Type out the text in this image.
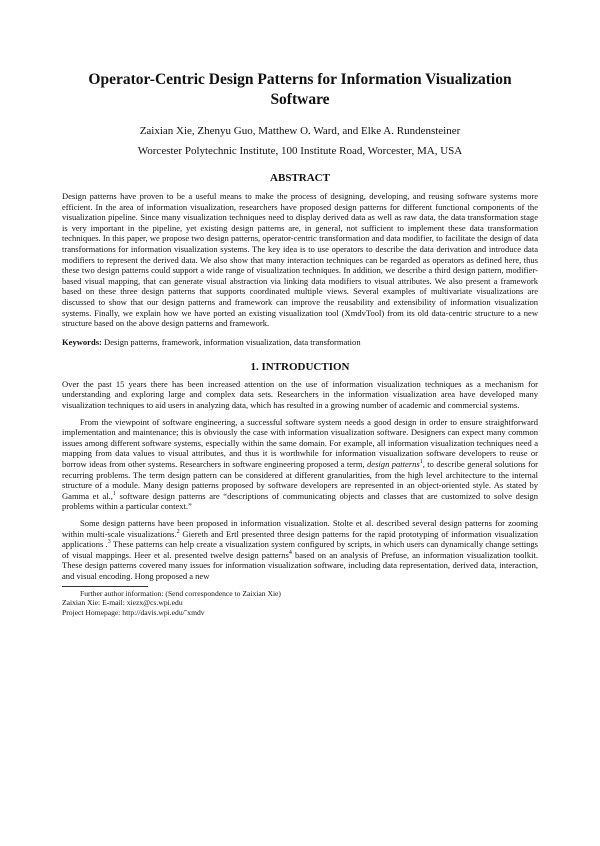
Operator-Centric Design Patterns for Information Visualization Software
Zaixian Xie, Zhenyu Guo, Matthew O. Ward, and Elke A. Rundensteiner
Worcester Polytechnic Institute, 100 Institute Road, Worcester, MA, USA
ABSTRACT

Design patterns have proven to be a useful means to make the process of designing, developing, and reusing software systems more efficient. In the area of information visualization, researchers have proposed design patterns for different functional components of the visualization pipeline. Since many visualization techniques need to display derived data as well as raw data, the data transformation stage is very important in the pipeline, yet existing design patterns are, in general, not sufficient to implement these data transformation techniques. In this paper, we propose two design patterns, operator-centric transformation and data modifier, to facilitate the design of data transformations for information visualization systems. The key idea is to use operators to describe the data derivation and introduce data modifiers to represent the derived data. We also show that many interaction techniques can be regarded as operators as defined here, thus these two design patterns could support a wide range of visualization techniques. In addition, we describe a third design pattern, modifier-based visual mapping, that can generate visual abstraction via linking data modifiers to visual attributes. We also present a framework based on these three design patterns that supports coordinated multiple views. Several examples of multivariate visualizations are discussed to show that our design patterns and framework can improve the reusability and extensibility of information visualization systems. Finally, we explain how we have ported an existing visualization tool (XmdvTool) from its old data-centric structure to a new structure based on the above design patterns and framework.

Keywords: Design patterns, framework, information visualization, data transformation
1. INTRODUCTION

Over the past 15 years there has been increased attention on the use of information visualization techniques as a mechanism for understanding and exploring large and complex data sets. Researchers in the information visualization area have developed many visualization techniques to aid users in analyzing data, which has resulted in a growing number of academic and commercial systems.

From the viewpoint of software engineering, a successful software system needs a good design in order to ensure straightforward implementation and maintenance; this is obviously the case with information visualization software. Designers can expect many common issues among different software systems, especially within the same domain. For example, all information visualization techniques need a mapping from data values to visual attributes, and thus it is worthwhile for information visualization software developers to reuse or borrow ideas from other systems. Researchers in software engineering proposed a term, design patterns$^1$, to describe general solutions for recurring problems. The term design pattern can be considered at different granularities, from the high level architecture to the internal structure of a module. Many design patterns proposed by software developers are represented in an object-oriented style. As stated by Gamma et al.,$^1$ software design patterns are “descriptions of communicating objects and classes that are customized to solve design problems within a particular context.”

Some design patterns have been proposed in information visualization. Stolte et al. described several design patterns for zooming within multi-scale visualizations.$^2$ Giereth and Ertl presented three design patterns for the rapid prototyping of information visualization applications .$^3$ These patterns can help create a visualization system configured by scripts, in which users can dynamically change settings of visual mappings. Heer et al. presented twelve design patterns$^4$ based on an analysis of Prefuse, an information visualization toolkit. These design patterns covered many issues for information visualization software, including data representation, derived data, interaction, and visual encoding. Hong proposed a new

Further author information: (Send correspondence to Zaixian Xie)
Zaixian Xie: E-mail: xiezx@cs.wpi.edu
Project Homepage: http://davis.wpi.edu/˜xmdv
